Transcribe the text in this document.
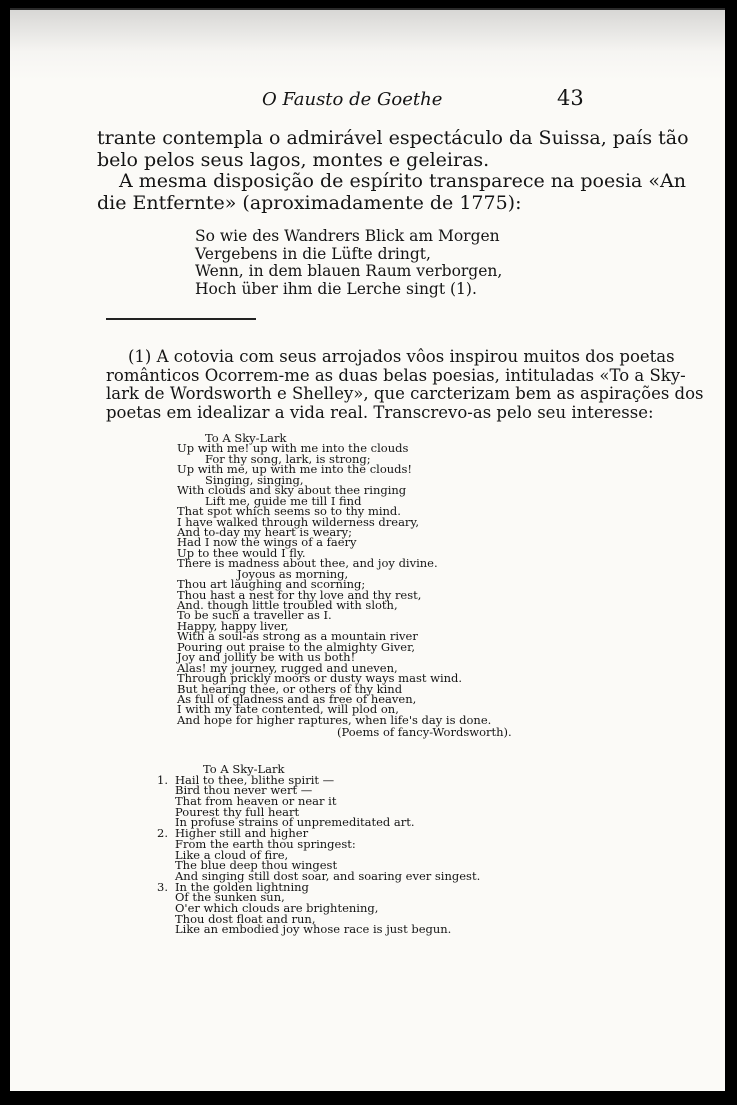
O Fausto de Goethe	43
trante contempla o admirável espectáculo da Suissa, país tão
belo pelos seus lagos, montes e geleiras.
A mesma disposição de espírito transparece na poesia «An
die Entfernte» (aproximadamente de 1775):
So wie des Wandrers Blick am Morgen
Vergebens in die Lüfte dringt,
Wenn, in dem blauen Raum verborgen,
Hoch über ihm die Lerche singt (1).
(1) A cotovia com seus arrojados vôos inspirou muitos dos poetas
românticos Ocorrem-me as duas belas poesias, intituladas «To a Sky-
lark de Wordsworth e Shelley», que carcterizam bem as aspirações dos
poetas em idealizar a vida real. Transcrevo-as pelo seu interesse:
To A Sky-Lark
Up with me! up with me into the clouds
For thy song, lark, is strong;
Up with me, up with me into the clouds!
Singing, singing,
With clouds and sky about thee ringing
Lift me, guide me till I find
That spot which seems so to thy mind.
I have walked through wilderness dreary,
And to-day my heart is weary;
Had I now the wings of a faery
Up to thee would I fly.
There is madness about thee, and joy divine.
Joyous as morning,
Thou art laughing and scorning;
Thou hast a nest for thy love and thy rest,
And. though little troubled with sloth,
To be such a traveller as I.
Happy, happy liver,
With a soul-as strong as a mountain river
Pouring out praise to the almighty Giver,
Joy and jollity be with us both!
Alas! my journey, rugged and uneven,
Through prickly moors or dusty ways mast wind.
But hearing thee, or others of thy kind
As full of gladness and as free of heaven,
I with my fate contented, will plod on,
And hope for higher raptures, when life's day is done.
(Poems of fancy-Wordsworth).
To A Sky-Lark
1. Hail to thee, blithe spirit —
Bird thou never wert —
That from heaven or near it
Pourest thy full heart
In profuse strains of unpremeditated art.
2. Higher still and higher
From the earth thou springest:
Like a cloud of fire,
The blue deep thou wingest
And singing still dost soar, and soaring ever singest.
3. In the golden lightning
Of the sunken sun,
O'er which clouds are brightening,
Thou dost float and run,
Like an embodied joy whose race is just begun.
